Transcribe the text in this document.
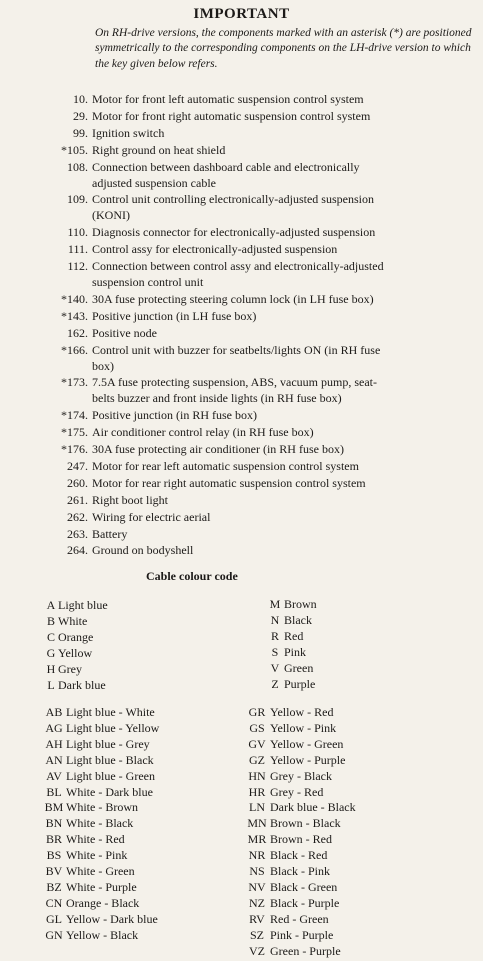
IMPORTANT
On RH-drive versions, the components marked with an asterisk (*) are positioned symmetrically to the corresponding components on the LH-drive version to which the key given below refers.
10. Motor for front left automatic suspension control system
29. Motor for front right automatic suspension control system
99. Ignition switch
*105. Right ground on heat shield
108. Connection between dashboard cable and electronically
adjusted suspension cable
109. Control unit controlling electronically-adjusted suspension
(KONI)
110. Diagnosis connector for electronically-adjusted suspension
111. Control assy for electronically-adjusted suspension
112. Connection between control assy and electronically-adjusted
suspension control unit
*140. 30A fuse protecting steering column lock (in LH fuse box)
*143. Positive junction (in LH fuse box)
162. Positive node
*166. Control unit with buzzer for seatbelts/lights ON (in RH fuse
box)
*173. 7.5A fuse protecting suspension, ABS, vacuum pump, seat-
belts buzzer and front inside lights (in RH fuse box)
*174. Positive junction (in RH fuse box)
*175. Air conditioner control relay (in RH fuse box)
*176. 30A fuse protecting air conditioner (in RH fuse box)
247. Motor for rear left automatic suspension control system
260. Motor for rear right automatic suspension control system
261. Right boot light
262. Wiring for electric aerial
263. Battery
264. Ground on bodyshell
Cable colour code
A Light blue
B White
C Orange
G Yellow
H Grey
L Dark blue
M Brown
N Black
R Red
S Pink
V Green
Z Purple
AB Light blue - White
AG Light blue - Yellow
AH Light blue - Grey
AN Light blue - Black
AV Light blue - Green
BL White - Dark blue
BM White - Brown
BN White - Black
BR White - Red
BS White - Pink
BV White - Green
BZ White - Purple
CN Orange - Black
GL Yellow - Dark blue
GN Yellow - Black
GR Yellow - Red
GS Yellow - Pink
GV Yellow - Green
GZ Yellow - Purple
HN Grey - Black
HR Grey - Red
LN Dark blue - Black
MN Brown - Black
MR Brown - Red
NR Black - Red
NS Black - Pink
NV Black - Green
NZ Black - Purple
RV Red - Green
SZ Pink - Purple
VZ Green - Purple
